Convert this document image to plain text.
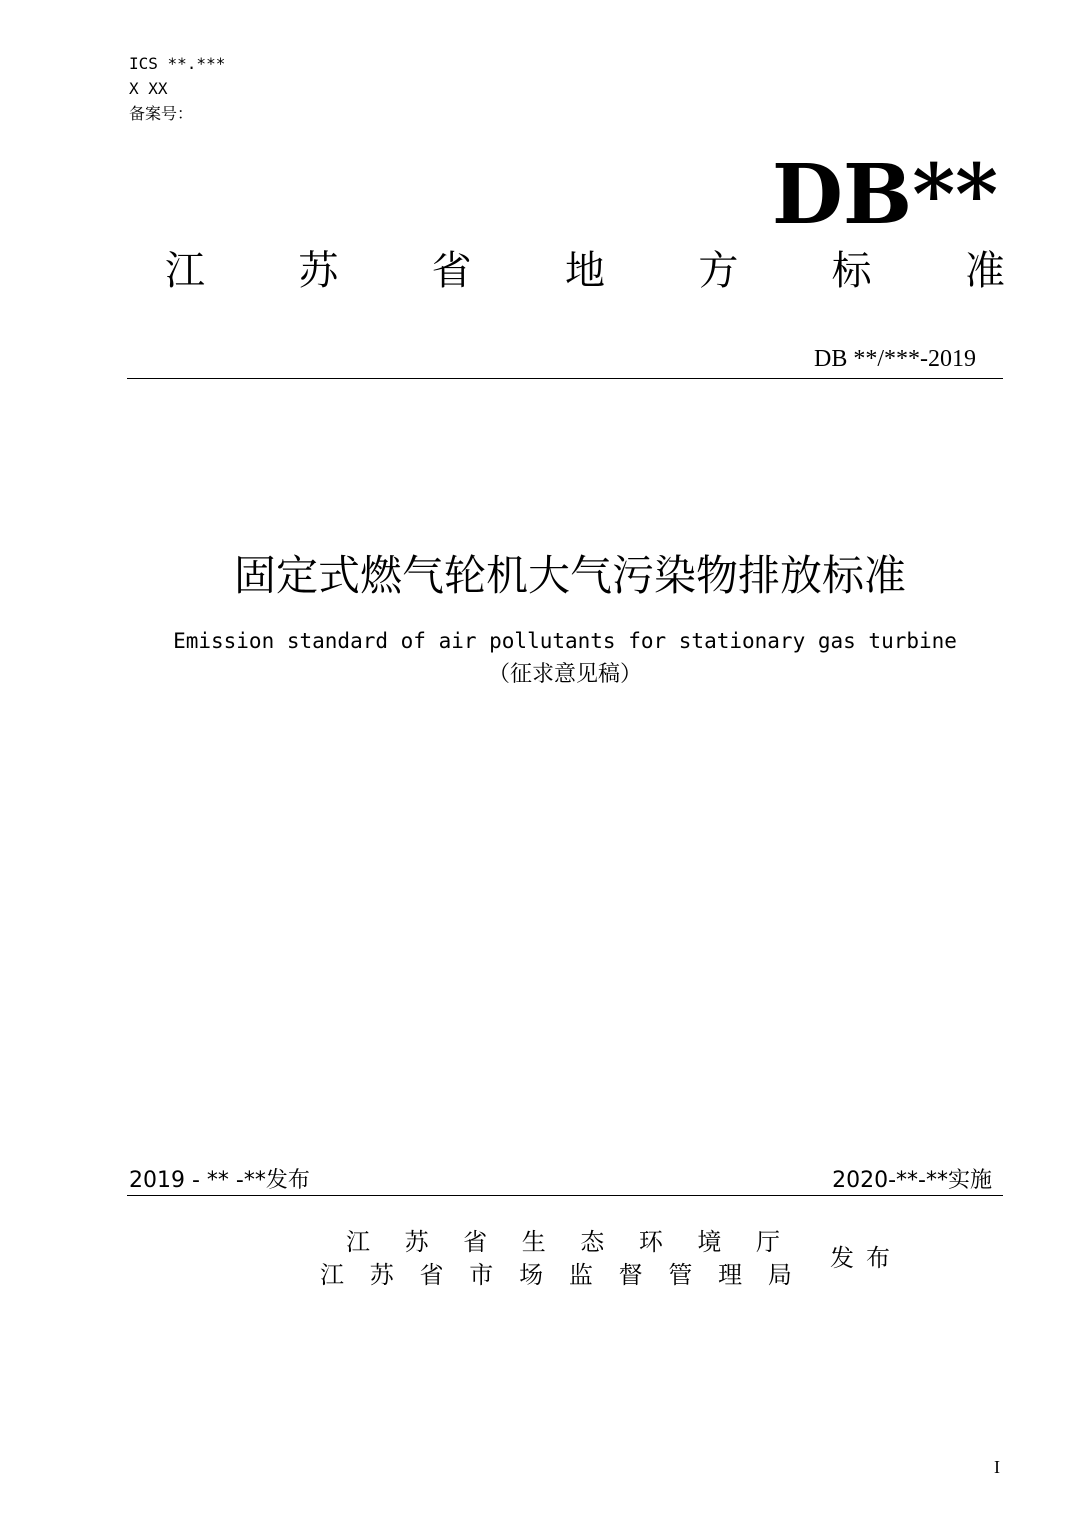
ICS **.***
X XX
备案号：
DB**
江 苏 省 地 方 标 准
DB **/***-2019
固定式燃气轮机大气污染物排放标准
Emission standard of air pollutants for stationary gas turbine
（征求意见稿）
2019 - ** -**发布	2020-**-**实施
江 苏 省 生 态 环 境 厅
江 苏 省 市 场 监 督 管 理 局
发布
I
